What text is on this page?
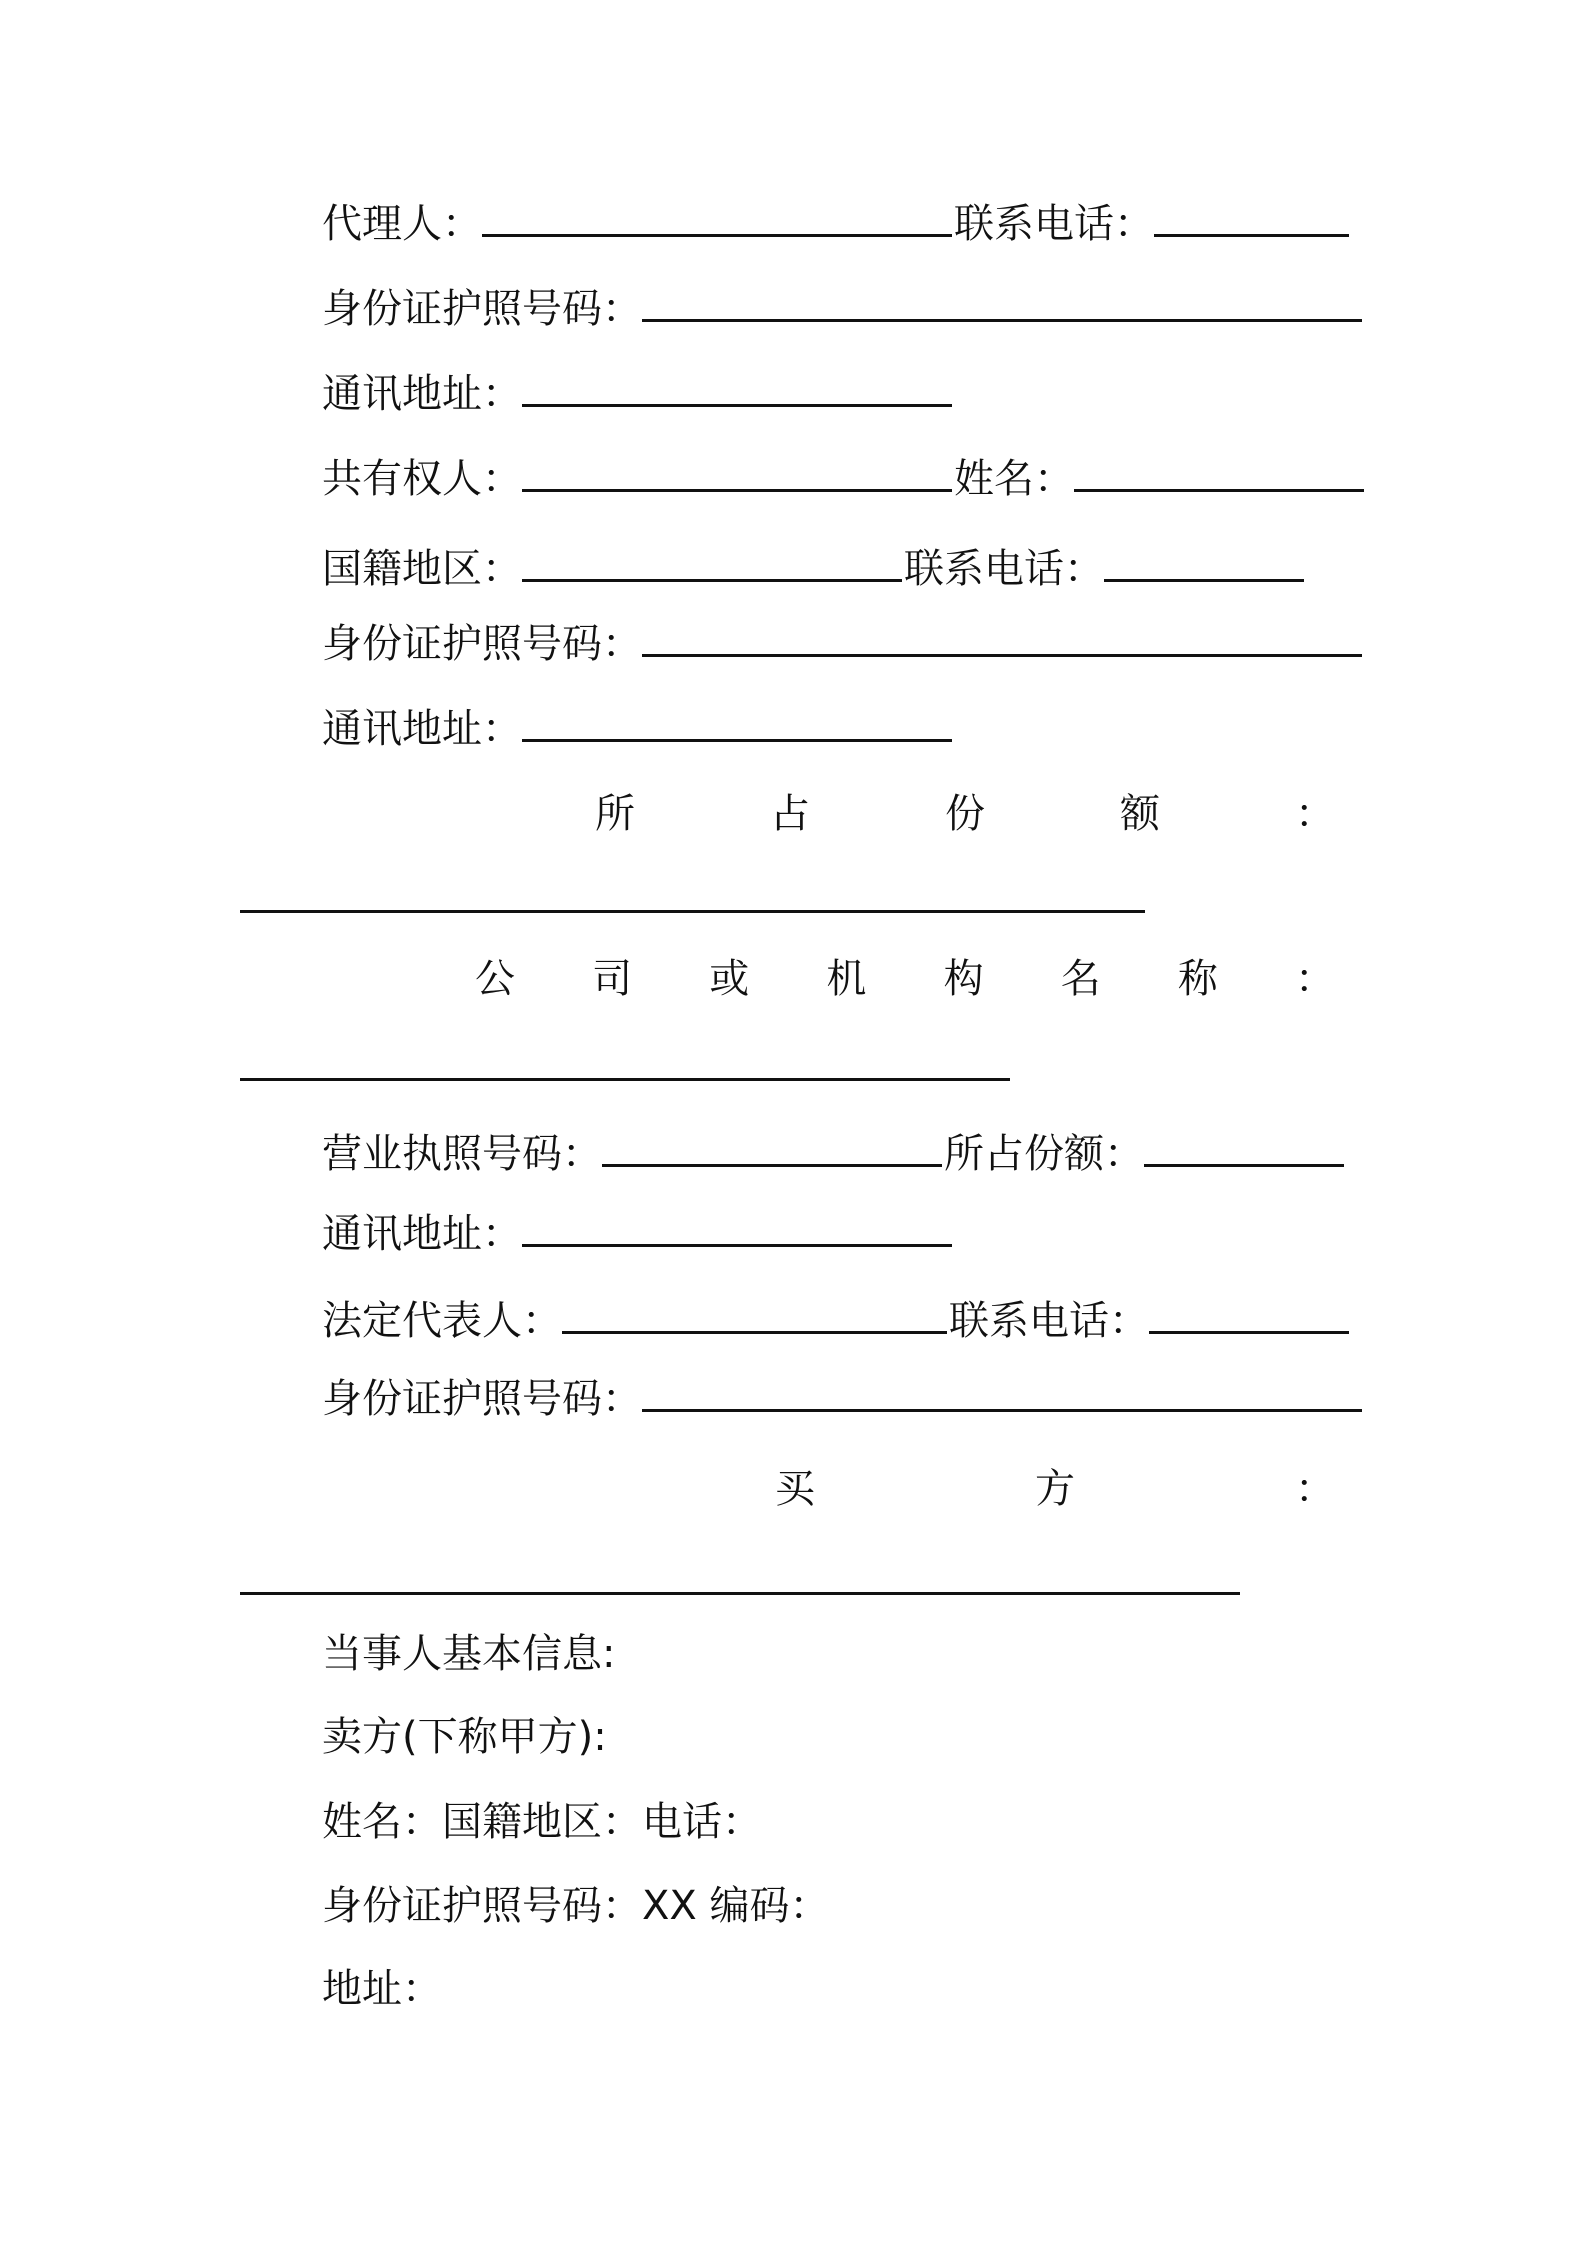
代理人：	联系电话：
身份证护照号码：
通讯地址：
共有权人：	姓名：
国籍地区：	联系电话：
身份证护照号码：
通讯地址：
所	占	份	额	：
公 司 或 机 构 名 称 ：
营业执照号码：	所占份额：
通讯地址：
法定代表人：	联系电话：
身份证护照号码：
买	方	：
当事人基本信息:
卖方(下称甲方):
姓名：国籍地区：电话：
身份证护照号码：XX 编码：
地址：
